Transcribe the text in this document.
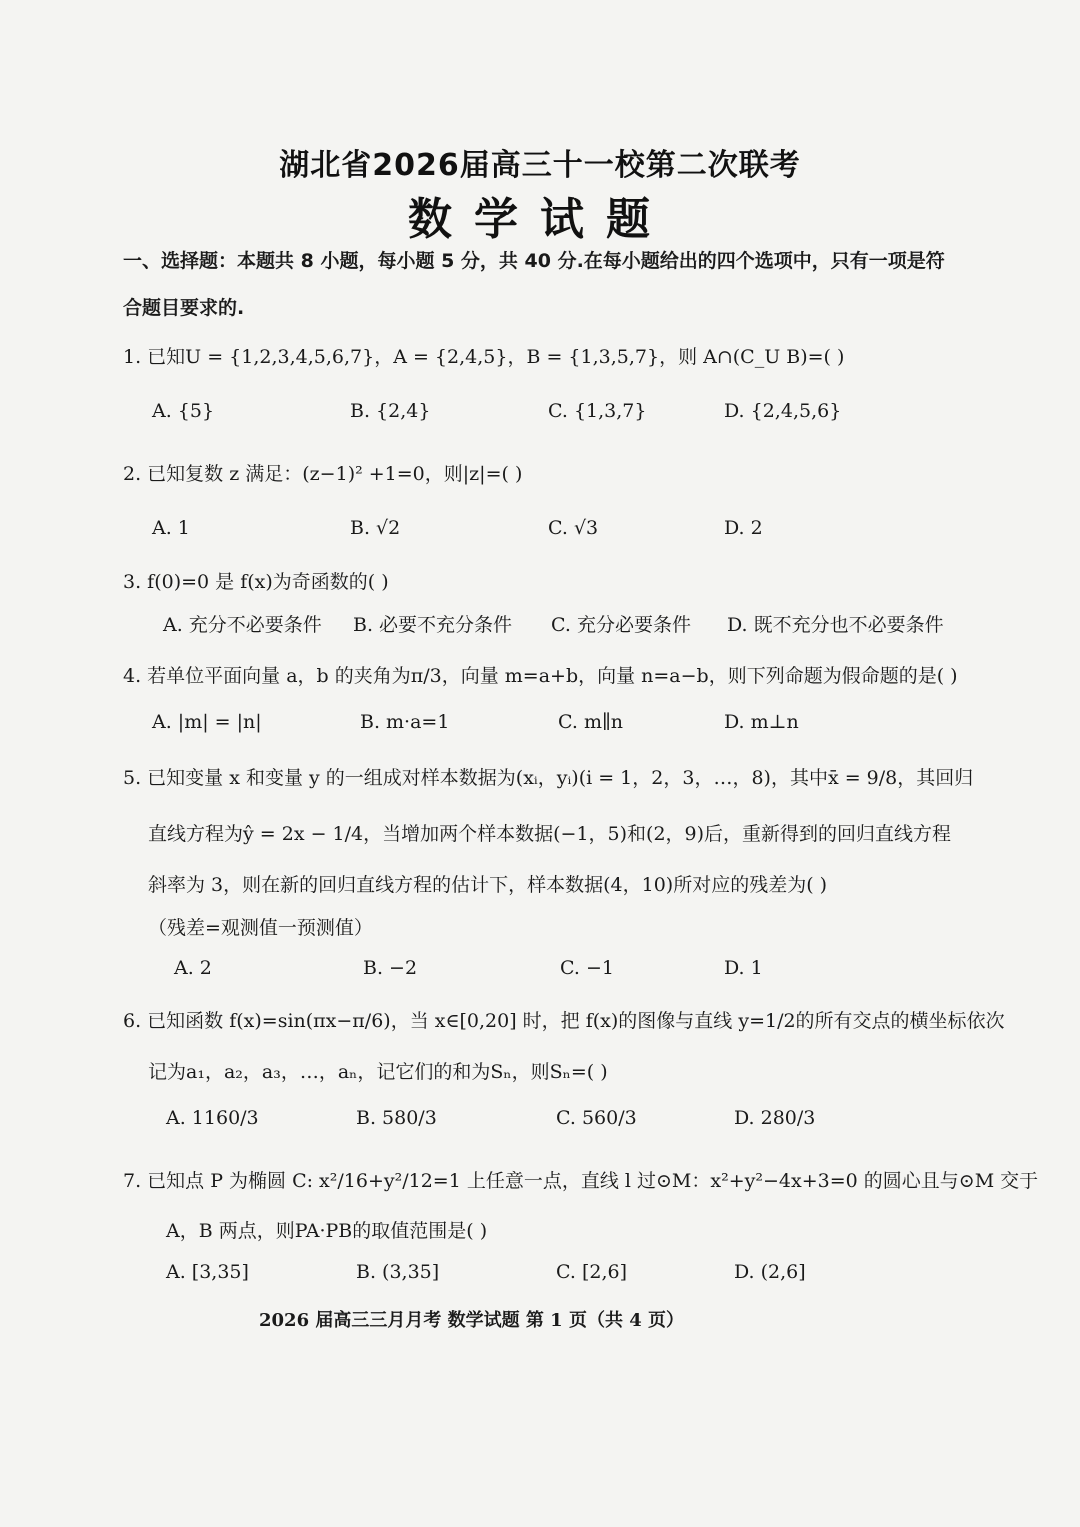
湖北省2026届高三十一校第二次联考
数学试题
一、选择题：本题共 8 小题，每小题 5 分，共 40 分.在每小题给出的四个选项中，只有一项是符
合题目要求的.
1. 已知U = {1,2,3,4,5,6,7}，A = {2,4,5}，B = {1,3,5,7}，则 A∩(C_U B)=( )
A. {5}	B. {2,4}	C. {1,3,7}	D. {2,4,5,6}
2. 已知复数 z 满足：(z−1)² +1=0，则|z|=( )
A. 1	B. √2	C. √3	D. 2
3. f(0)=0 是 f(x)为奇函数的( )
A. 充分不必要条件 B. 必要不充分条件 C. 充分必要条件 D. 既不充分也不必要条件
4. 若单位平面向量 a，b 的夹角为π/3，向量 m=a+b，向量 n=a−b，则下列命题为假命题的是( )
A. |m| = |n|	B. m·a=1	C. m∥n	D. m⊥n
5. 已知变量 x 和变量 y 的一组成对样本数据为(xᵢ，yᵢ)(i = 1，2，3，…，8)，其中x̄ = 9/8，其回归
直线方程为ŷ = 2x − 1/4，当增加两个样本数据(−1，5)和(2，9)后，重新得到的回归直线方程
斜率为 3，则在新的回归直线方程的估计下，样本数据(4，10)所对应的残差为( )
（残差=观测值一预测值）
A. 2	B. −2	C. −1	D. 1
6. 已知函数 f(x)=sin(πx−π/6)，当 x∈[0,20] 时，把 f(x)的图像与直线 y=1/2的所有交点的横坐标依次
记为a₁，a₂，a₃，…，aₙ，记它们的和为Sₙ，则Sₙ=( )
A. 1160/3	B. 580/3	C. 560/3	D. 280/3
7. 已知点 P 为椭圆 C: x²/16+y²/12=1 上任意一点，直线 l 过⊙M：x²+y²−4x+3=0 的圆心且与⊙M 交于
A，B 两点，则PA·PB的取值范围是( )
A. [3,35]	B. (3,35]	C. [2,6]	D. (2,6]
2026 届高三三月月考 数学试题 第 1 页（共 4 页）
